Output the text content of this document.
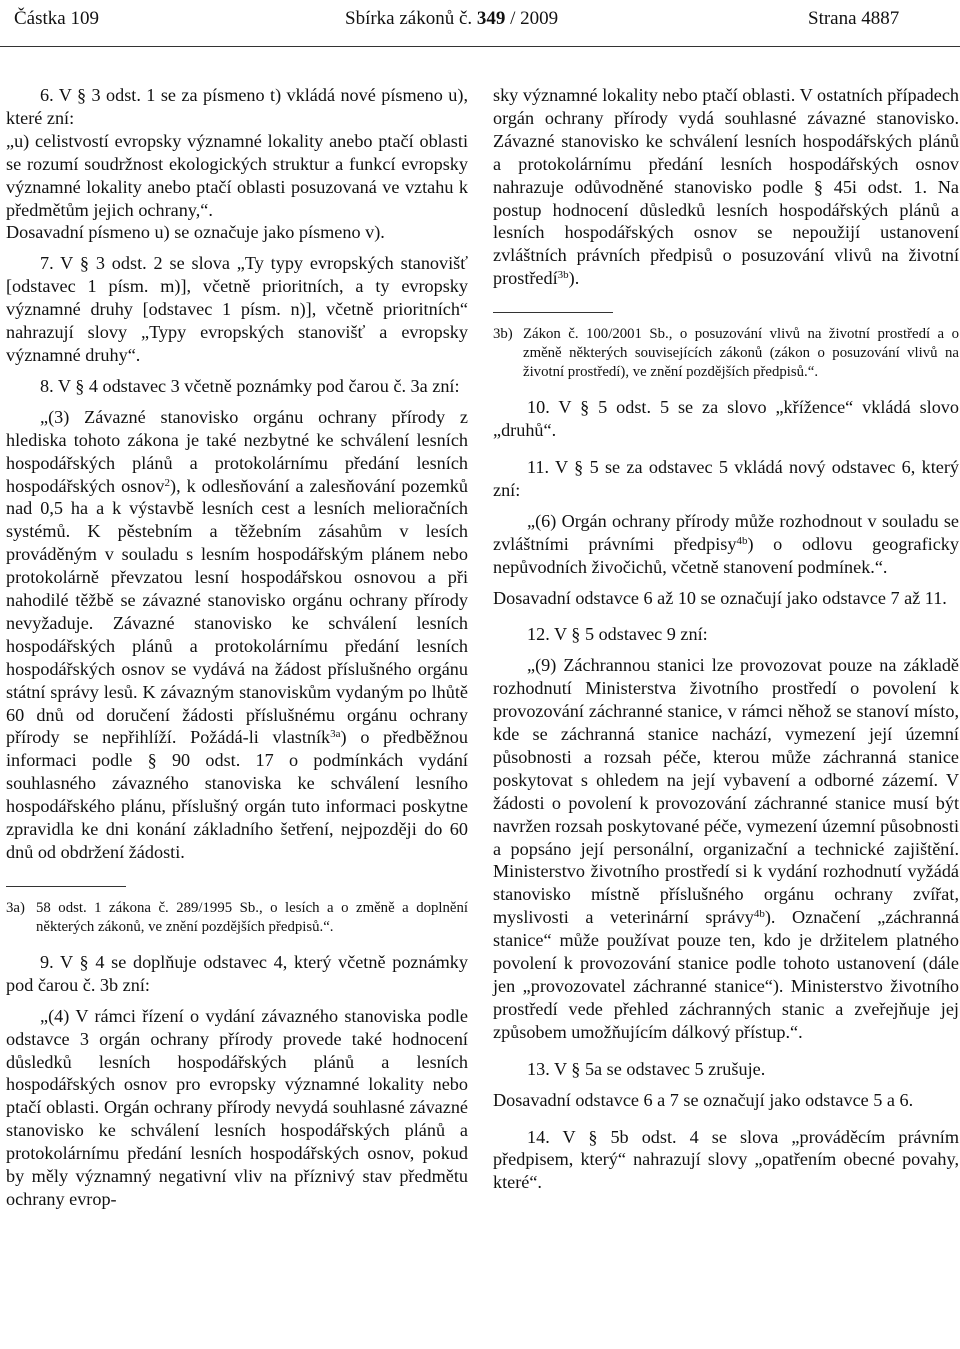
Částka 109	Sbírka zákonů č. 349 / 2009	Strana 4887

6. V § 3 odst. 1 se za písmeno t) vkládá nové písmeno u), které zní:

„u) celistvostí evropsky významné lokality anebo ptačí oblasti se rozumí soudržnost ekologických struktur a funkcí evropsky významné lokality anebo ptačí oblasti posuzovaná ve vztahu k předmětům jejich ochrany,“.

Dosavadní písmeno u) se označuje jako písmeno v).

7. V § 3 odst. 2 se slova „Ty typy evropských stanovišť [odstavec 1 písm. m)], včetně prioritních, a ty evropsky významné druhy [odstavec 1 písm. n)], včetně prioritních“ nahrazují slovy „Typy evropských stanovišť a evropsky významné druhy“.

8. V § 4 odstavec 3 včetně poznámky pod čarou č. 3a zní:

„(3) Závazné stanovisko orgánu ochrany přírody z hlediska tohoto zákona je také nezbytné ke schválení lesních hospodářských plánů a protokolárnímu předání lesních hospodářských osnov$^2$), k odlesňování a zalesňování pozemků nad 0,5 ha a k výstavbě lesních cest a lesních melioračních systémů. K pěstebním a těžebním zásahům v lesích prováděným v souladu s lesním hospodářským plánem nebo protokolárně převzatou lesní hospodářskou osnovou a při nahodilé těžbě se závazné stanovisko orgánu ochrany přírody nevyžaduje. Závazné stanovisko ke schválení lesních hospodářských plánů a protokolárnímu předání lesních hospodářských osnov se vydává na žádost příslušného orgánu státní správy lesů. K závazným stanoviskům vydaným po lhůtě 60 dnů od doručení žádosti příslušnému orgánu ochrany přírody se nepřihlíží. Požádá-li vlastník$^{3a}$) o předběžnou informaci podle § 90 odst. 17 o podmínkách vydání souhlasného závazného stanoviska ke schválení lesního hospodářského plánu, příslušný orgán tuto informaci poskytne zpravidla ke dni konání základního šetření, nejpozději do 60 dnů od obdržení žádosti.

3a) 58 odst. 1 zákona č. 289/1995 Sb., o lesích a o změně a doplnění některých zákonů, ve znění pozdějších předpisů.“.

9. V § 4 se doplňuje odstavec 4, který včetně poznámky pod čarou č. 3b zní:

„(4) V rámci řízení o vydání závazného stanoviska podle odstavce 3 orgán ochrany přírody provede také hodnocení důsledků lesních hospodářských plánů a lesních hospodářských osnov pro evropsky významné lokality nebo ptačí oblasti. Orgán ochrany přírody nevydá souhlasné závazné stanovisko ke schválení lesních hospodářských plánů a protokolárnímu předání lesních hospodářských osnov, pokud by měly významný negativní vliv na příznivý stav předmětu ochrany evrop-

sky významné lokality nebo ptačí oblasti. V ostatních případech orgán ochrany přírody vydá souhlasné závazné stanovisko. Závazné stanovisko ke schválení lesních hospodářských plánů a protokolárnímu předání lesních hospodářských osnov nahrazuje odůvodněné stanovisko podle § 45i odst. 1. Na postup hodnocení důsledků lesních hospodářských plánů a lesních hospodářských osnov se nepoužijí ustanovení zvláštních právních předpisů o posuzování vlivů na životní prostředí$^{3b}$).

3b) Zákon č. 100/2001 Sb., o posuzování vlivů na životní prostředí a o změně některých souvisejících zákonů (zákon o posuzování vlivů na životní prostředí), ve znění pozdějších předpisů.“.

10. V § 5 odst. 5 se za slovo „křížence“ vkládá slovo „druhů“.

11. V § 5 se za odstavec 5 vkládá nový odstavec 6, který zní:

„(6) Orgán ochrany přírody může rozhodnout v souladu se zvláštními právními předpisy$^{4b}$) o odlovu geograficky nepůvodních živočichů, včetně stanovení podmínek.“.

Dosavadní odstavce 6 až 10 se označují jako odstavce 7 až 11.

12. V § 5 odstavec 9 zní:

„(9) Záchrannou stanici lze provozovat pouze na základě rozhodnutí Ministerstva životního prostředí o povolení k provozování záchranné stanice, v rámci něhož se stanoví místo, kde se záchranná stanice nachází, vymezení její územní působnosti a rozsah péče, kterou může záchranná stanice poskytovat s ohledem na její vybavení a odborné zázemí. V žádosti o povolení k provozování záchranné stanice musí být navržen rozsah poskytované péče, vymezení územní působnosti a popsáno její personální, organizační a technické zajištění. Ministerstvo životního prostředí si k vydání rozhodnutí vyžádá stanovisko místně příslušného orgánu ochrany zvířat, myslivosti a veterinární správy$^{4b}$). Označení „záchranná stanice“ může používat pouze ten, kdo je držitelem platného povolení k provozování stanice podle tohoto ustanovení (dále jen „provozovatel záchranné stanice“). Ministerstvo životního prostředí vede přehled záchranných stanic a zveřejňuje jej způsobem umožňujícím dálkový přístup.“.

13. V § 5a se odstavec 5 zrušuje.

Dosavadní odstavce 6 a 7 se označují jako odstavce 5 a 6.

14. V § 5b odst. 4 se slova „prováděcím právním předpisem, který“ nahrazují slovy „opatřením obecné povahy, které“.
